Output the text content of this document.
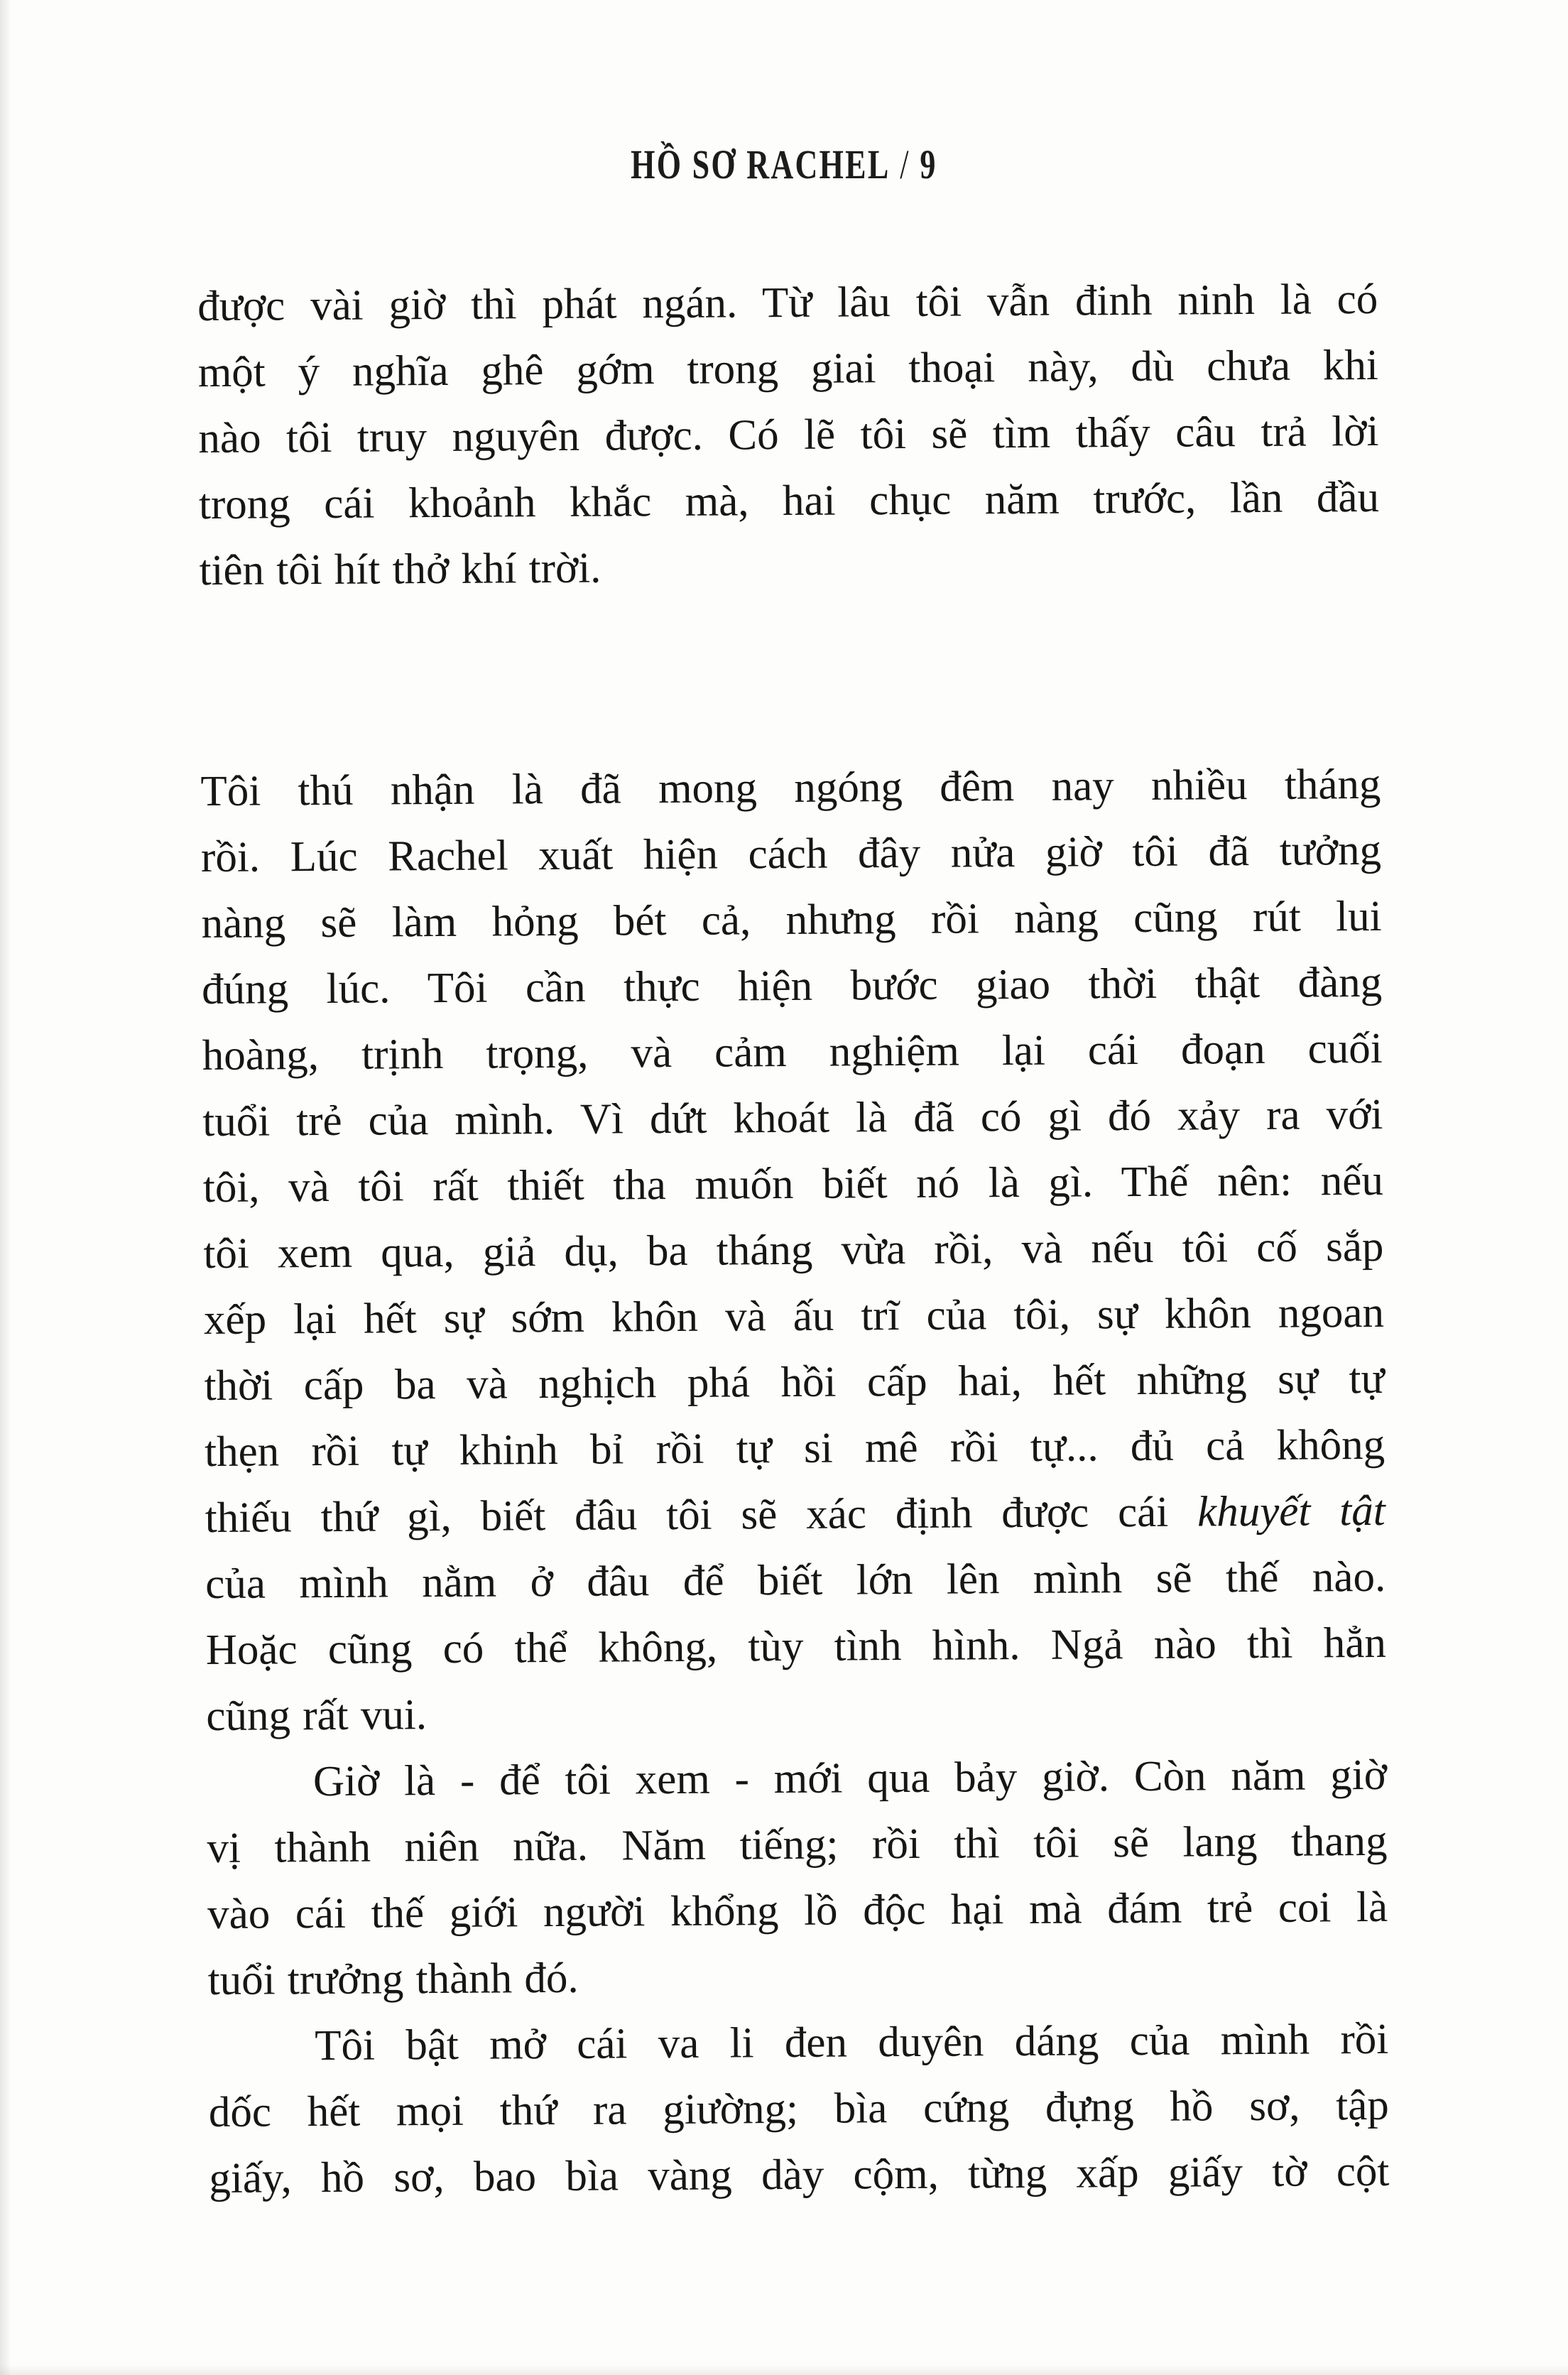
HỒ SƠ RACHEL / 9
được vài giờ thì phát ngán. Từ lâu tôi vẫn đinh ninh là có
một ý nghĩa ghê gớm trong giai thoại này, dù chưa khi
nào tôi truy nguyên được. Có lẽ tôi sẽ tìm thấy câu trả lời
trong cái khoảnh khắc mà, hai chục năm trước, lần đầu
tiên tôi hít thở khí trời.
Tôi thú nhận là đã mong ngóng đêm nay nhiều tháng
rồi. Lúc Rachel xuất hiện cách đây nửa giờ tôi đã tưởng
nàng sẽ làm hỏng bét cả, nhưng rồi nàng cũng rút lui
đúng lúc. Tôi cần thực hiện bước giao thời thật đàng
hoàng, trịnh trọng, và cảm nghiệm lại cái đoạn cuối
tuổi trẻ của mình. Vì dứt khoát là đã có gì đó xảy ra với
tôi, và tôi rất thiết tha muốn biết nó là gì. Thế nên: nếu
tôi xem qua, giả dụ, ba tháng vừa rồi, và nếu tôi cố sắp
xếp lại hết sự sớm khôn và ấu trĩ của tôi, sự khôn ngoan
thời cấp ba và nghịch phá hồi cấp hai, hết những sự tự
thẹn rồi tự khinh bỉ rồi tự si mê rồi tự... đủ cả không
thiếu thứ gì, biết đâu tôi sẽ xác định được cái khuyết tật
của mình nằm ở đâu để biết lớn lên mình sẽ thế nào.
Hoặc cũng có thể không, tùy tình hình. Ngả nào thì hẳn
cũng rất vui.
Giờ là - để tôi xem - mới qua bảy giờ. Còn năm giờ
vị thành niên nữa. Năm tiếng; rồi thì tôi sẽ lang thang
vào cái thế giới người khổng lồ độc hại mà đám trẻ coi là
tuổi trưởng thành đó.
Tôi bật mở cái va li đen duyên dáng của mình rồi
dốc hết mọi thứ ra giường; bìa cứng đựng hồ sơ, tập
giấy, hồ sơ, bao bìa vàng dày cộm, từng xấp giấy tờ cột
